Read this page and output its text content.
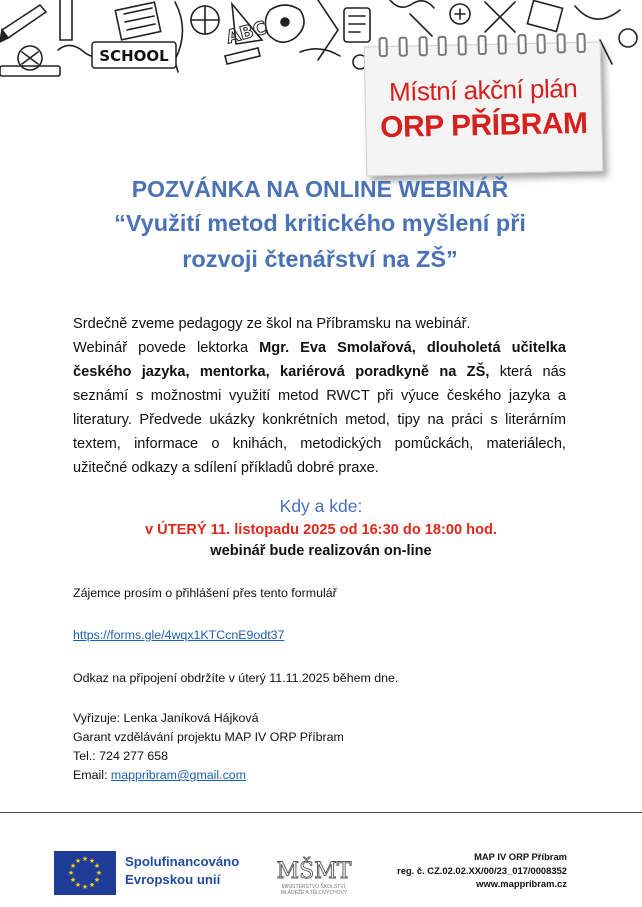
ABC
SCHOOL
Místní akční plán
ORP PŘÍBRAM
POZVÁNKA NA ONLINE WEBINÁŘ
“Využití metod kritického myšlení při
rozvoji čtenářství na ZŠ”

Srdečně zveme pedagogy ze škol na Příbramsku na webinář.

Webinář povede lektorka Mgr. Eva Smolařová, dlouholetá učitelka českého jazyka, mentorka, kariérová poradkyně na ZŠ, která nás seznámí s možnostmi využití metod RWCT při výuce českého jazyka a literatury. Předvede ukázky konkrétních metod, tipy na práci s literárním textem, informace o knihách, metodických pomůckách, materiálech, užitečné odkazy a sdílení příkladů dobré praxe.

Kdy a kde:
v ÚTERÝ 11. listopadu 2025 od 16:30 do 18:00 hod.
webinář bude realizován on-line
Zájemce prosím o přihlášení přes tento formulář
https://forms.gle/4wqx1KTCcnE9odt37
Odkaz na připojení obdržíte v úterý 11.11.2025 během dne.
Vyřizuje: Lenka Janíková Hájková
Garant vzdělávání projektu MAP IV ORP Příbram
Tel.: 724 277 658
Email: mappribram@gmail.com
★ ★
★
★
★
★
★
★
★
★
★
★	Spolufinancováno
Evropskou unií	MŠMT
MINISTERSTVO ŠKOLSTVÍ,
MLÁDEŽE A TĚLOVÝCHOVY
MAP IV ORP Příbram
reg. č. CZ.02.02.XX/00/23_017/0008352
www.mappribram.cz
